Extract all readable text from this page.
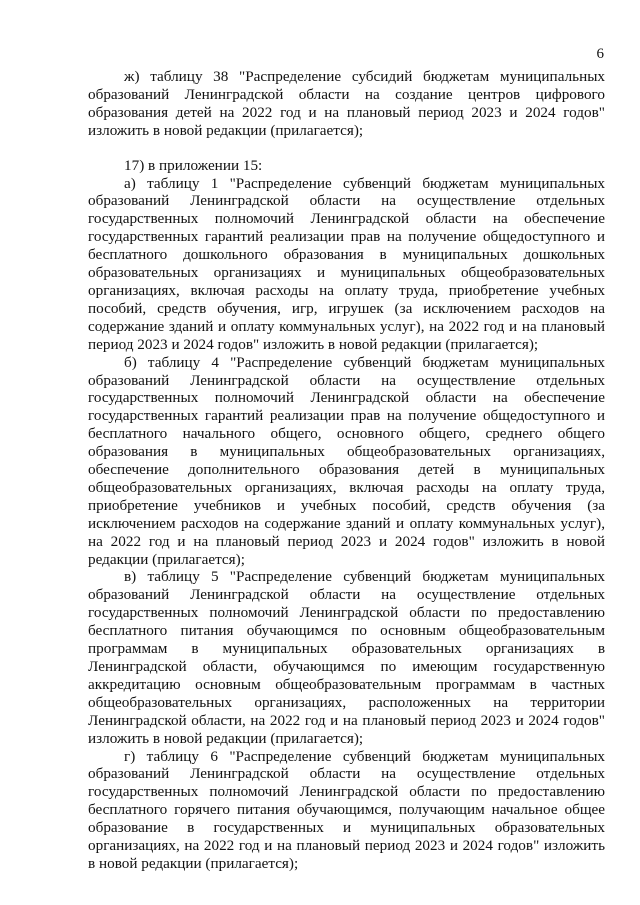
6

ж) таблицу 38 "Распределение субсидий бюджетам муниципальных образований Ленинградской области на создание центров цифрового образования детей на 2022 год и на плановый период 2023 и 2024 годов" изложить в новой редакции (прилагается);

17) в приложении 15:

а) таблицу 1 "Распределение субвенций бюджетам муниципальных образований Ленинградской области на осуществление отдельных государственных полномочий Ленинградской области на обеспечение государственных гарантий реализации прав на получение общедоступного и бесплатного дошкольного образования в муниципальных дошкольных образовательных организациях и муниципальных общеобразовательных организациях, включая расходы на оплату труда, приобретение учебных пособий, средств обучения, игр, игрушек (за исключением расходов на содержание зданий и оплату коммунальных услуг), на 2022 год и на плановый период 2023 и 2024 годов" изложить в новой редакции (прилагается);

б) таблицу 4 "Распределение субвенций бюджетам муниципальных образований Ленинградской области на осуществление отдельных государственных полномочий Ленинградской области на обеспечение государственных гарантий реализации прав на получение общедоступного и бесплатного начального общего, основного общего, среднего общего образования в муниципальных общеобразовательных организациях, обеспечение дополнительного образования детей в муниципальных общеобразовательных организациях, включая расходы на оплату труда, приобретение учебников и учебных пособий, средств обучения (за исключением расходов на содержание зданий и оплату коммунальных услуг), на 2022 год и на плановый период 2023 и 2024 годов" изложить в новой редакции (прилагается);

в) таблицу 5 "Распределение субвенций бюджетам муниципальных образований Ленинградской области на осуществление отдельных государственных полномочий Ленинградской области по предоставлению бесплатного питания обучающимся по основным общеобразовательным программам в муниципальных образовательных организациях в Ленинградской области, обучающимся по имеющим государственную аккредитацию основным общеобразовательным программам в частных общеобразовательных организациях, расположенных на территории Ленинградской области, на 2022 год и на плановый период 2023 и 2024 годов" изложить в новой редакции (прилагается);

г) таблицу 6 "Распределение субвенций бюджетам муниципальных образований Ленинградской области на осуществление отдельных государственных полномочий Ленинградской области по предоставлению бесплатного горячего питания обучающимся, получающим начальное общее образование в государственных и муниципальных образовательных организациях, на 2022 год и на плановый период 2023 и 2024 годов" изложить в новой редакции (прилагается);
